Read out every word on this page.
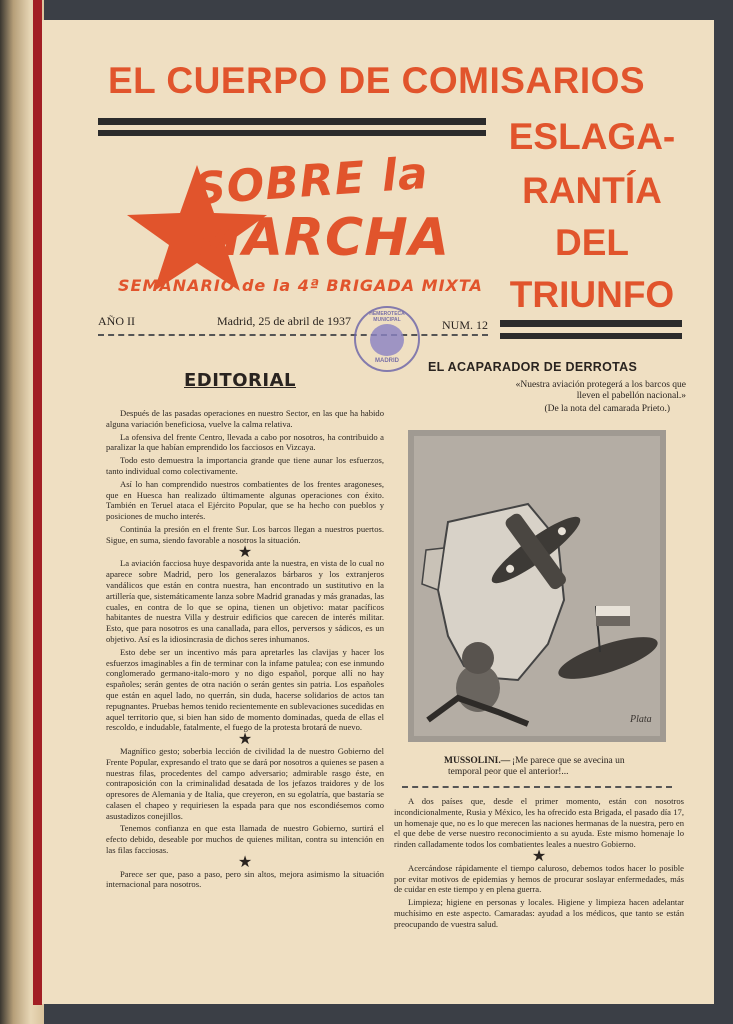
EL CUERPO DE COMISARIOS
ESLAGA-
RANTÍA
DEL
TRIUNFO
SOBRE la
MARCHA
SEMANARIO de la 4ª BRIGADA MIXTA
AÑO II	Madrid, 25 de abril de 1937	NUM. 12
HEMEROTECA MUNICIPAL
MADRID
EDITORIAL

Después de las pasadas operaciones en nuestro Sector, en las que ha habido alguna variación beneficiosa, vuelve la calma relativa.

La ofensiva del frente Centro, llevada a cabo por nosotros, ha contribuido a paralizar la que habían emprendido los facciosos en Vizcaya.

Todo esto demuestra la importancia grande que tiene aunar los esfuerzos, tanto individual como colectivamente.

Así lo han comprendido nuestros combatientes de los frentes aragoneses, que en Huesca han realizado últimamente algunas operaciones con éxito. También en Teruel ataca el Ejército Popular, que se ha hecho con pueblos y posiciones de mucho interés.

Continúa la presión en el frente Sur. Los barcos llegan a nuestros puertos. Sigue, en suma, siendo favorable a nosotros la situación.

★

La aviación facciosa huye despavorida ante la nuestra, en vista de lo cual no aparece sobre Madrid, pero los generalazos bárbaros y los extranjeros vandálicos que están en contra nuestra, han encontrado un sustitutivo en la artillería que, sistemáticamente lanza sobre Madrid granadas y más granadas, las cuales, en contra de lo que se opina, tienen un objetivo: matar pacíficos habitantes de nuestra Villa y destruir edificios que carecen de interés militar. Esto, que para nosotros es una canallada, para ellos, perversos y sádicos, es un objetivo. Así es la idiosincrasia de dichos seres inhumanos.

Esto debe ser un incentivo más para apretarles las clavijas y hacer los esfuerzos imaginables a fin de terminar con la infame patulea; con ese inmundo conglomerado germano-italo-moro y no digo español, porque allí no hay españoles; serán gentes de otra nación o serán gentes sin patria. Los españoles que están en aquel lado, no querrán, sin duda, hacerse solidarios de actos tan repugnantes. Pruebas hemos tenido recientemente en sublevaciones sucedidas en aquel territorio que, si bien han sido de momento dominadas, queda de ellas el rescoldo, e indudable, fatalmente, el fuego de la protesta brotará de nuevo.

★

Magnífico gesto; soberbia lección de civilidad la de nuestro Gobierno del Frente Popular, expresando el trato que se dará por nosotros a quienes se pasen a nuestras filas, procedentes del campo adversario; admirable rasgo éste, en contraposición con la criminalidad desatada de los jefazos traidores y de los opresores de Alemania y de Italia, que creyeron, en su egolatría, que bastaría se calasen el chapeo y requiriesen la espada para que nos escondiésemos como asustadizos conejillos.

Tenemos confianza en que esta llamada de nuestro Gobierno, surtirá el efecto debido, deseable por muchos de quienes militan, contra su intención en las filas facciosas.

★

Parece ser que, paso a paso, pero sin altos, mejora asimismo la situación internacional para nosotros.

EL ACAPARADOR DE DERROTAS
«Nuestra aviación protegerá a los barcos que lleven el pabellón nacional.»
(De la nota del camarada Prieto.)
Plata
MUSSOLINI.— ¡Me parece que se avecina un temporal peor que el anterior!...

A dos países que, desde el primer momento, están con nosotros incondicionalmente, Rusia y México, les ha ofrecido esta Brigada, el pasado día 17, un homenaje que, no es lo que merecen las naciones hermanas de la nuestra, pero en el que debe de verse nuestro reconocimiento a su ayuda. Este mismo homenaje lo rinden calladamente todos los combatientes leales a nuestro Gobierno.

★

Acercándose rápidamente el tiempo caluroso, debemos todos hacer lo posible por evitar motivos de epidemias y hemos de procurar soslayar enfermedades, más de cuidar en este tiempo y en plena guerra.

Limpieza; higiene en personas y locales. Higiene y limpieza hacen adelantar muchísimo en este aspecto. Camaradas: ayudad a los médicos, que tanto se están preocupando de vuestra salud.
